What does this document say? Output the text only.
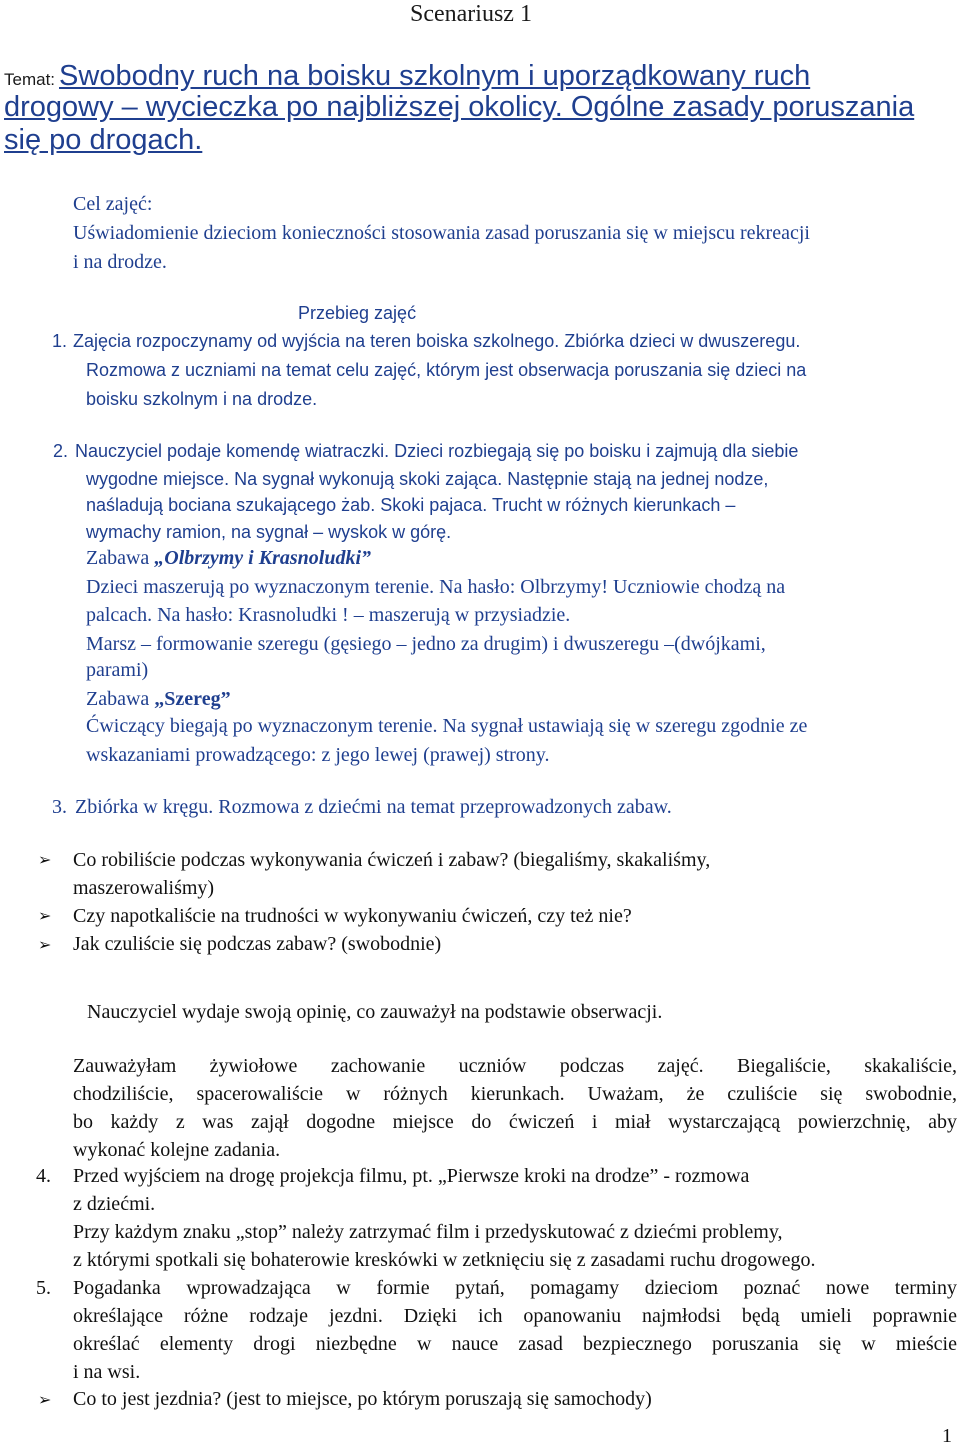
Scenariusz 1
Temat: Swobodny ruch na boisku szkolnym i uporządkowany ruch
drogowy – wycieczka po najbliższej okolicy. Ogólne zasady poruszania
się po drogach.
Cel zajęć:
Uświadomienie dzieciom konieczności stosowania zasad poruszania się w miejscu rekreacji
i na drodze.
Przebieg zajęć
1. Zajęcia rozpoczynamy od wyjścia na teren boiska szkolnego. Zbiórka dzieci w dwuszeregu.
Rozmowa z uczniami na temat celu zajęć, którym jest obserwacja poruszania się dzieci na
boisku szkolnym i na drodze.
2. Nauczyciel podaje komendę wiatraczki. Dzieci rozbiegają się po boisku i zajmują dla siebie
wygodne miejsce. Na sygnał wykonują skoki zająca. Następnie stają na jednej nodze,
naśladują bociana szukającego żab. Skoki pajaca. Trucht w różnych kierunkach –
wymachy ramion, na sygnał – wyskok w górę.
Zabawa „Olbrzymy i Krasnoludki”
Dzieci maszerują po wyznaczonym terenie. Na hasło: Olbrzymy! Uczniowie chodzą na
palcach. Na hasło: Krasnoludki ! – maszerują w przysiadzie.
Marsz – formowanie szeregu (gęsiego – jedno za drugim) i dwuszeregu –(dwójkami,
parami)
Zabawa „Szereg”
Ćwiczący biegają po wyznaczonym terenie. Na sygnał ustawiają się w szeregu zgodnie ze
wskazaniami prowadzącego: z jego lewej (prawej) strony.
3. Zbiórka w kręgu. Rozmowa z dziećmi na temat przeprowadzonych zabaw.
➢ Co robiliście podczas wykonywania ćwiczeń i zabaw? (biegaliśmy, skakaliśmy,
maszerowaliśmy)
➢ Czy napotkaliście na trudności w wykonywaniu ćwiczeń, czy też nie?
➢ Jak czuliście się podczas zabaw? (swobodnie)
Nauczyciel wydaje swoją opinię, co zauważył na podstawie obserwacji.
Zauważyłam żywiołowe zachowanie uczniów podczas zajęć. Biegaliście, skakaliście,
chodziliście, spacerowaliście w różnych kierunkach. Uważam, że czuliście się swobodnie,
bo każdy z was zajął dogodne miejsce do ćwiczeń i miał wystarczającą powierzchnię, aby
wykonać kolejne zadania.
4. Przed wyjściem na drogę projekcja filmu, pt. „Pierwsze kroki na drodze” - rozmowa
z dziećmi.
Przy każdym znaku „stop” należy zatrzymać film i przedyskutować z dziećmi problemy,
z którymi spotkali się bohaterowie kreskówki w zetknięciu się z zasadami ruchu drogowego.
5. Pogadanka wprowadzająca w formie pytań, pomagamy dzieciom poznać nowe terminy
określające różne rodzaje jezdni. Dzięki ich opanowaniu najmłodsi będą umieli poprawnie
określać elementy drogi niezbędne w nauce zasad bezpiecznego poruszania się w mieście
i na wsi.
➢ Co to jest jezdnia? (jest to miejsce, po którym poruszają się samochody)
1
